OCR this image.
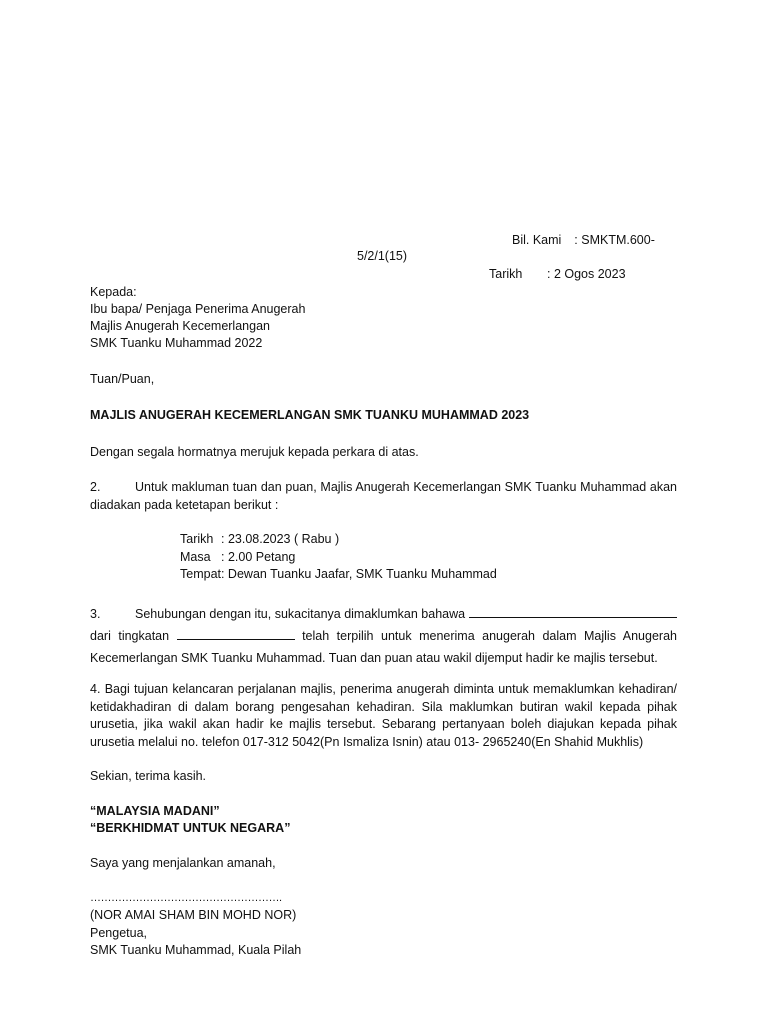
Bil. Kami : SMKTM.600-
5/2/1(15)
Tarikh : 2 Ogos 2023
Kepada:
Ibu bapa/ Penjaga Penerima Anugerah
Majlis Anugerah Kecemerlangan
SMK Tuanku Muhammad 2022
Tuan/Puan,
MAJLIS ANUGERAH KECEMERLANGAN SMK TUANKU MUHAMMAD 2023
Dengan segala hormatnya merujuk kepada perkara di atas.
2.	Untuk makluman tuan dan puan, Majlis Anugerah Kecemerlangan SMK Tuanku Muhammad akan diadakan pada ketetapan berikut :
Tarikh : 23.08.2023 ( Rabu )
Masa : 2.00 Petang
Tempat: Dewan Tuanku Jaafar, SMK Tuanku Muhammad
3.	Sehubungan dengan itu, sukacitanya dimaklumkan bahawa
dari tingkatan	telah terpilih untuk menerima anugerah dalam Majlis Anugerah Kecemerlangan SMK Tuanku Muhammad. Tuan dan puan atau wakil dijemput hadir ke majlis tersebut.
4. Bagi tujuan kelancaran perjalanan majlis, penerima anugerah diminta untuk memaklumkan kehadiran/ ketidakhadiran di dalam borang pengesahan kehadiran. Sila maklumkan butiran wakil kepada pihak urusetia, jika wakil akan hadir ke majlis tersebut. Sebarang pertanyaan boleh diajukan kepada pihak urusetia melalui no. telefon 017-312 5042(Pn Ismaliza Isnin) atau 013- 2965240(En Shahid Mukhlis)
Sekian, terima kasih.
“MALAYSIA MADANI”
“BERKHIDMAT UNTUK NEGARA”
Saya yang menjalankan amanah,
……………………………………………….
(NOR AMAI SHAM BIN MOHD NOR)
Pengetua,
SMK Tuanku Muhammad, Kuala Pilah
